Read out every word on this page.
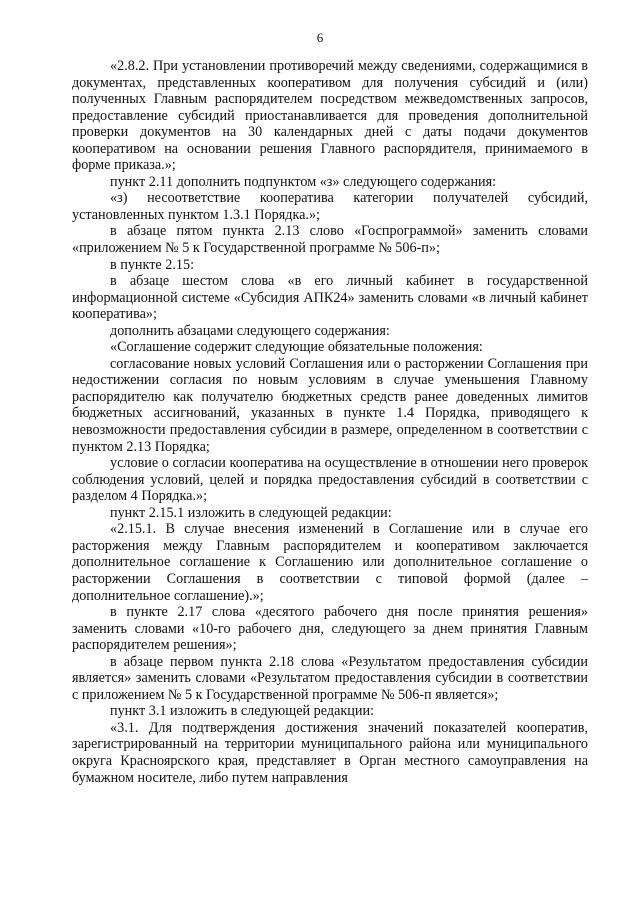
6

«2.8.2. При установлении противоречий между сведениями, содержащимися в документах, представленных кооперативом для получения субсидий и (или) полученных Главным распорядителем посредством межведомственных запросов, предоставление субсидий приостанавливается для проведения дополнительной проверки документов на 30 календарных дней с даты подачи документов кооперативом на основании решения Главного распорядителя, принимаемого в форме приказа.»;

пункт 2.11 дополнить подпунктом «з» следующего содержания:

«з) несоответствие кооператива категории получателей субсидий, установленных пунктом 1.3.1 Порядка.»;

в абзаце пятом пункта 2.13 слово «Госпрограммой» заменить словами «приложением № 5 к Государственной программе № 506-п»;

в пункте 2.15:

в абзаце шестом слова «в его личный кабинет в государственной информационной системе «Субсидия АПК24» заменить словами «в личный кабинет кооператива»;

дополнить абзацами следующего содержания:

«Соглашение содержит следующие обязательные положения:

согласование новых условий Соглашения или о расторжении Соглашения при недостижении согласия по новым условиям в случае уменьшения Главному распорядителю как получателю бюджетных средств ранее доведенных лимитов бюджетных ассигнований, указанных в пункте 1.4 Порядка, приводящего к невозможности предоставления субсидии в размере, определенном в соответствии с пунктом 2.13 Порядка;

условие о согласии кооператива на осуществление в отношении него проверок соблюдения условий, целей и порядка предоставления субсидий в соответствии с разделом 4 Порядка.»;

пункт 2.15.1 изложить в следующей редакции:

«2.15.1. В случае внесения изменений в Соглашение или в случае его расторжения между Главным распорядителем и кооперативом заключается дополнительное соглашение к Соглашению или дополнительное соглашение о расторжении Соглашения в соответствии с типовой формой (далее – дополнительное соглашение).»;

в пункте 2.17 слова «десятого рабочего дня после принятия решения» заменить словами «10-го рабочего дня, следующего за днем принятия Главным распорядителем решения»;

в абзаце первом пункта 2.18 слова «Результатом предоставления субсидии является» заменить словами «Результатом предоставления субсидии в соответствии с приложением № 5 к Государственной программе № 506-п является»;

пункт 3.1 изложить в следующей редакции:

«3.1. Для подтверждения достижения значений показателей кооператив, зарегистрированный на территории муниципального района или муниципального округа Красноярского края, представляет в Орган местного самоуправления на бумажном носителе, либо путем направления
